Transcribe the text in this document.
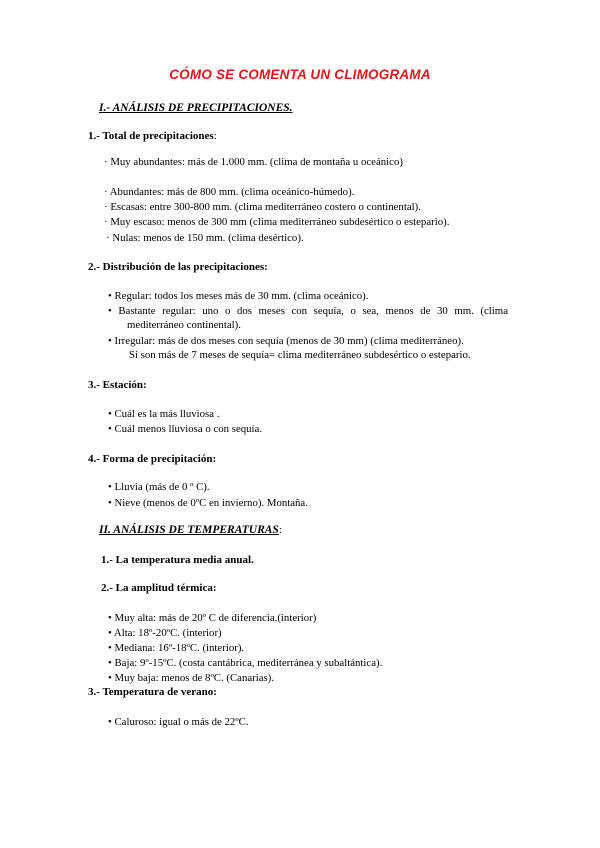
CÓMO SE COMENTA UN CLIMOGRAMA
I.- ANÁLISIS DE PRECIPITACIONES.
1.- Total de precipitaciones:
· Muy abundantes: más de 1.000 mm. (clima de montaña u oceánico)
· Abundantes: más de 800 mm. (clima oceánico-húmedo).
· Escasas: entre 300-800 mm. (clima mediterráneo costero o continental).
· Muy escaso: menos de 300 mm (clima mediterráneo subdesértico o estepario).
· Nulas: menos de 150 mm. (clima desértico).
2.- Distribución de las precipitaciones:
• Regular: todos los meses más de 30 mm. (clima oceánico).
• Bastante regular: uno o dos meses con sequía, o sea, menos de 30 mm. (clima
mediterráneo continental).
• Irregular: más de dos meses con sequía (menos de 30 mm) (clima mediterráneo).
Si son más de 7 meses de sequía= clima mediterráneo subdesértico o estepario.
3.- Estación:
• Cuál es la más lluviosa .
• Cuál menos lluviosa o con sequía.
4.- Forma de precipitación:
• Lluvia (más de 0 º C).
• Nieve (menos de 0ºC en invierno). Montaña.
II. ANÁLISIS DE TEMPERATURAS:
1.- La temperatura media anual.
2.- La amplitud térmica:
• Muy alta: más de 20º C de diferencia.(interior)
• Alta: 18º-20ºC. (interior)
• Mediana: 16º-18ºC. (interior).
• Baja: 9º-15ºC. (costa cantábrica, mediterránea y subaltántica).
• Muy baja: menos de 8ºC. (Canarias).
3.- Temperatura de verano:
• Caluroso: igual o más de 22ºC.
